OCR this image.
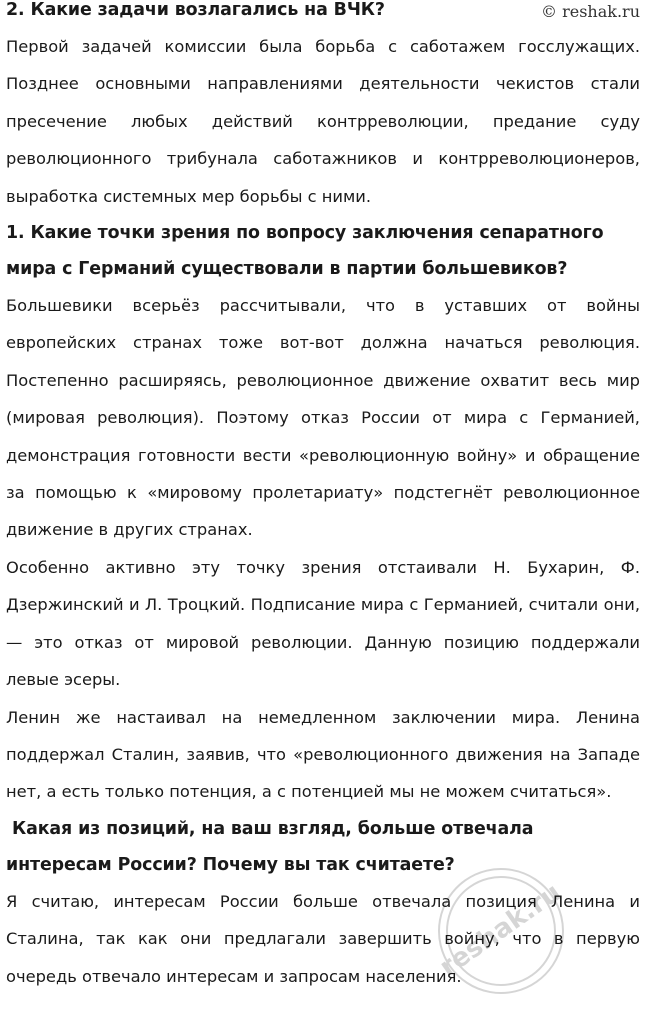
© reshak.ru
2. Какие задачи возлагались на ВЧК?

Первой задачей комиссии была борьба с саботажем госслужащих. Позднее основными направлениями деятельности чекистов стали пресечение любых действий контрреволюции, предание суду революционного трибунала саботажников и контрреволюционеров, выработка системных мер борьбы с ними.

1. Какие точки зрения по вопросу заключения сепаратного мира с Германий существовали в партии большевиков?

Большевики всерьёз рассчитывали, что в уставших от войны европейских странах тоже вот-вот должна начаться революция. Постепенно расширяясь, революционное движение охватит весь мир (мировая революция). Поэтому отказ России от мира с Германией, демонстрация готовности вести «революционную войну» и обращение за помощью к «мировому пролетариату» подстегнёт революционное движение в других странах.

Особенно активно эту точку зрения отстаивали Н. Бухарин, Ф. Дзержинский и Л. Троцкий. Подписание мира с Германией, считали они, — это отказ от мировой революции. Данную позицию поддержали левые эсеры.

Ленин же настаивал на немедленном заключении мира. Ленина поддержал Сталин, заявив, что «революционного движения на Западе нет, а есть только потенция, а с потенцией мы не можем считаться».

Какая из позиций, на ваш взгляд, больше отвечала интересам России? Почему вы так считаете?

Я считаю, интересам России больше отвечала позиция Ленина и Сталина, так как они предлагали завершить войну, что в первую очередь отвечало интересам и запросам населения.

reshak.ru
